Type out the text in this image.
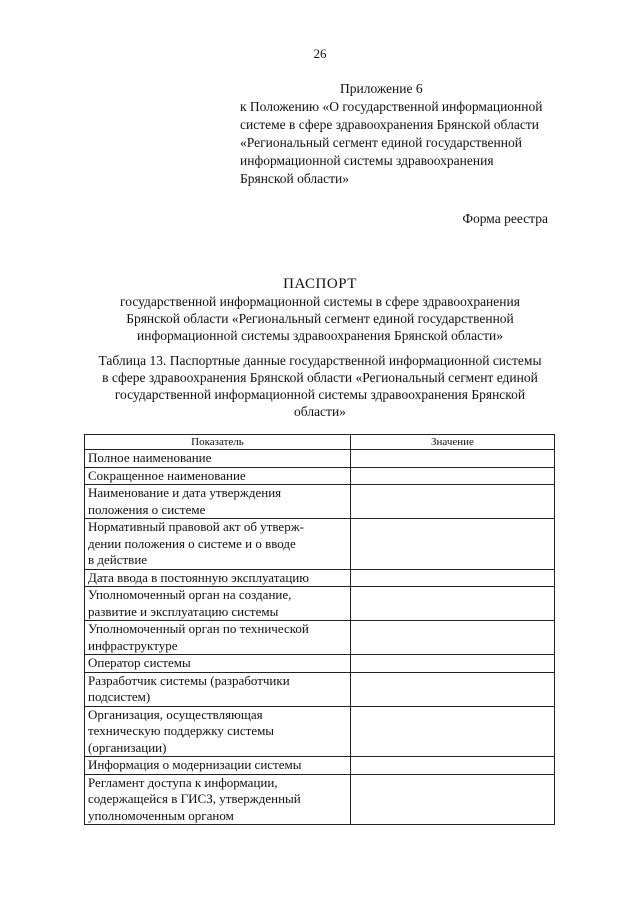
26
Приложение 6
к Положению «О государственной информационной
системе в сфере здравоохранения Брянской области
«Региональный сегмент единой государственной
информационной системы здравоохранения
Брянской области»
Форма реестра
ПАСПОРТ
государственной информационной системы в сфере здравоохранения
Брянской области «Региональный сегмент единой государственной
информационной системы здравоохранения Брянской области»
Таблица 13. Паспортные данные государственной информационной системы
в сфере здравоохранения Брянской области «Региональный сегмент единой
государственной информационной системы здравоохранения Брянской
области»
Показатель	Значение

Полное наименование	

Сокращенное наименование	

Наименование и дата утверждения
положения о системе	

Нормативный правовой акт об утверж-
дении положения о системе и о вводе
в действие	

Дата ввода в постоянную эксплуатацию	

Уполномоченный орган на создание,
развитие и эксплуатацию системы	

Уполномоченный орган по технической
инфраструктуре	

Оператор системы	

Разработчик системы (разработчики
подсистем)	

Организация, осуществляющая
техническую поддержку системы
(организации)	

Информация о модернизации системы	

Регламент доступа к информации,
содержащейся в ГИСЗ, утвержденный
уполномоченным органом	
